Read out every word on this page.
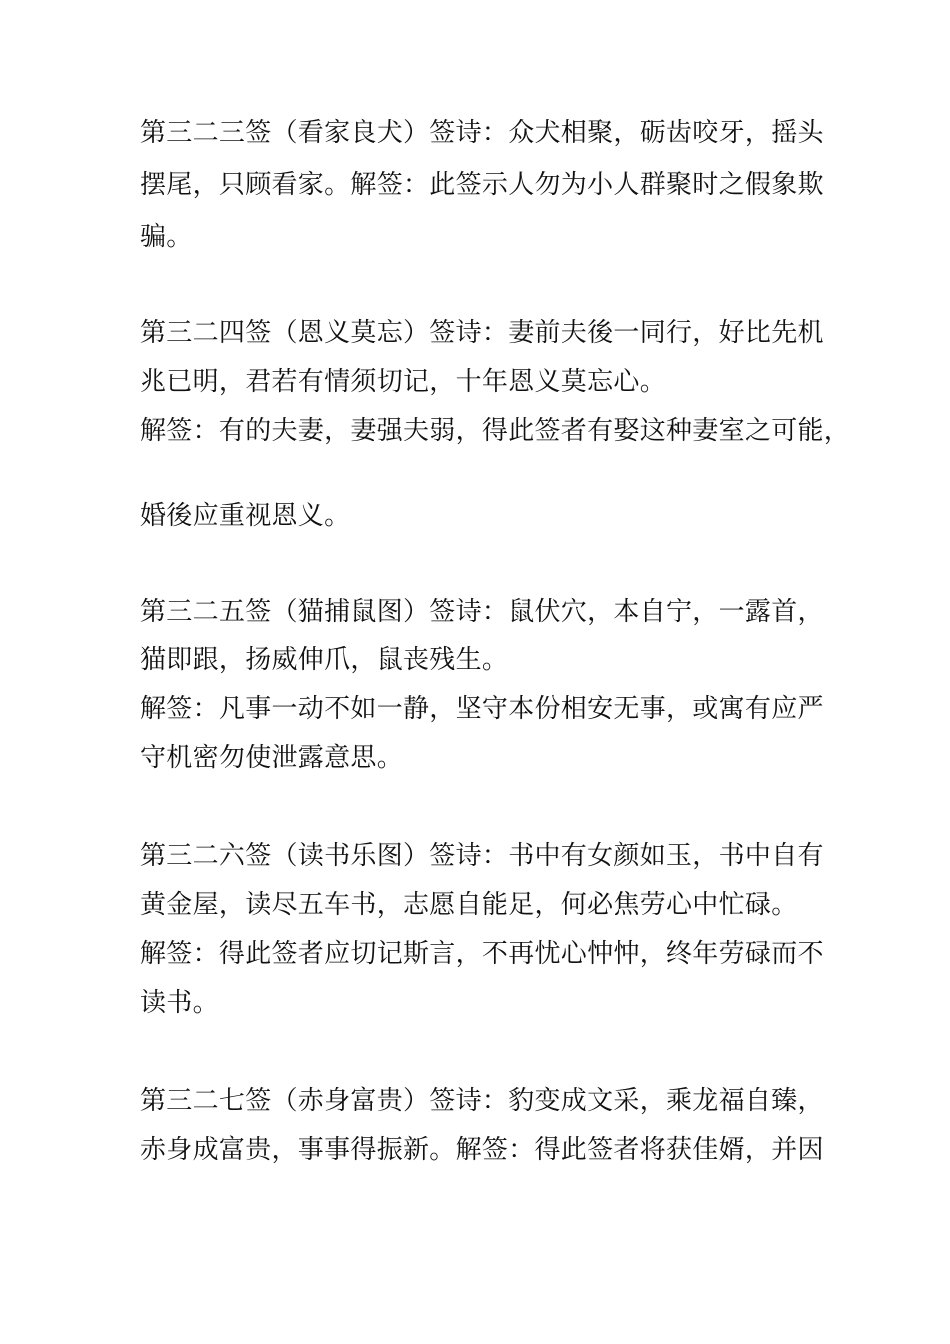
第三二三签（看家良犬）签诗：众犬相聚，砺齿咬牙，摇头
摆尾，只顾看家。解签：此签示人勿为小人群聚时之假象欺
骗。
第三二四签（恩义莫忘）签诗：妻前夫後一同行，好比先机
兆已明，君若有情须切记，十年恩义莫忘心。
解签：有的夫妻，妻强夫弱，得此签者有娶这种妻室之可能，
婚後应重视恩义。
第三二五签（猫捕鼠图）签诗：鼠伏穴，本自宁，一露首，
猫即跟，扬威伸爪，鼠丧残生。
解签：凡事一动不如一静，坚守本份相安无事，或寓有应严
守机密勿使泄露意思。
第三二六签（读书乐图）签诗：书中有女颜如玉，书中自有
黄金屋，读尽五车书，志愿自能足，何必焦劳心中忙碌。
解签：得此签者应切记斯言，不再忧心忡忡，终年劳碌而不
读书。
第三二七签（赤身富贵）签诗：豹变成文采，乘龙福自臻，
赤身成富贵，事事得振新。解签：得此签者将获佳婿，并因
